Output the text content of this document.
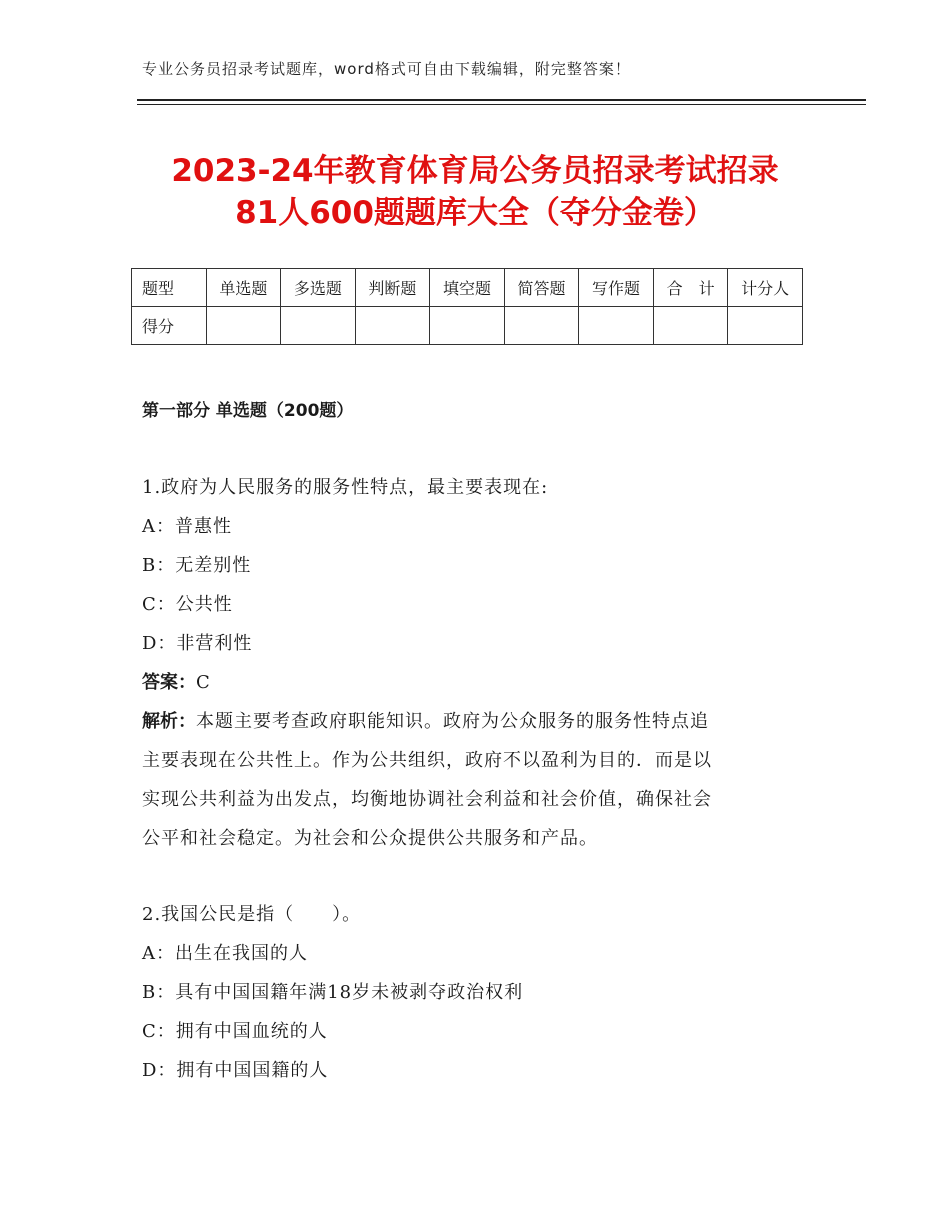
专业公务员招录考试题库，word格式可自由下载编辑，附完整答案！
2023-24年教育体育局公务员招录考试招录
81人600题题库大全（夺分金卷）
题型	单选题	多选题	判断题	填空题	简答题	写作题	合　计	计分人
得分								
第一部分 单选题（200题）
1.政府为人民服务的服务性特点，最主要表现在:
A：普惠性
B：无差别性
C：公共性
D：非营利性
答案：C
解析：本题主要考查政府职能知识。政府为公众服务的服务性特点追
主要表现在公共性上。作为公共组织，政府不以盈利为目的．而是以
实现公共利益为出发点，均衡地协调社会利益和社会价值，确保社会
公平和社会稳定。为社会和公众提供公共服务和产品。
2.我国公民是指（　　）。
A：出生在我国的人
B：具有中国国籍年满18岁未被剥夺政治权利
C：拥有中国血统的人
D：拥有中国国籍的人
